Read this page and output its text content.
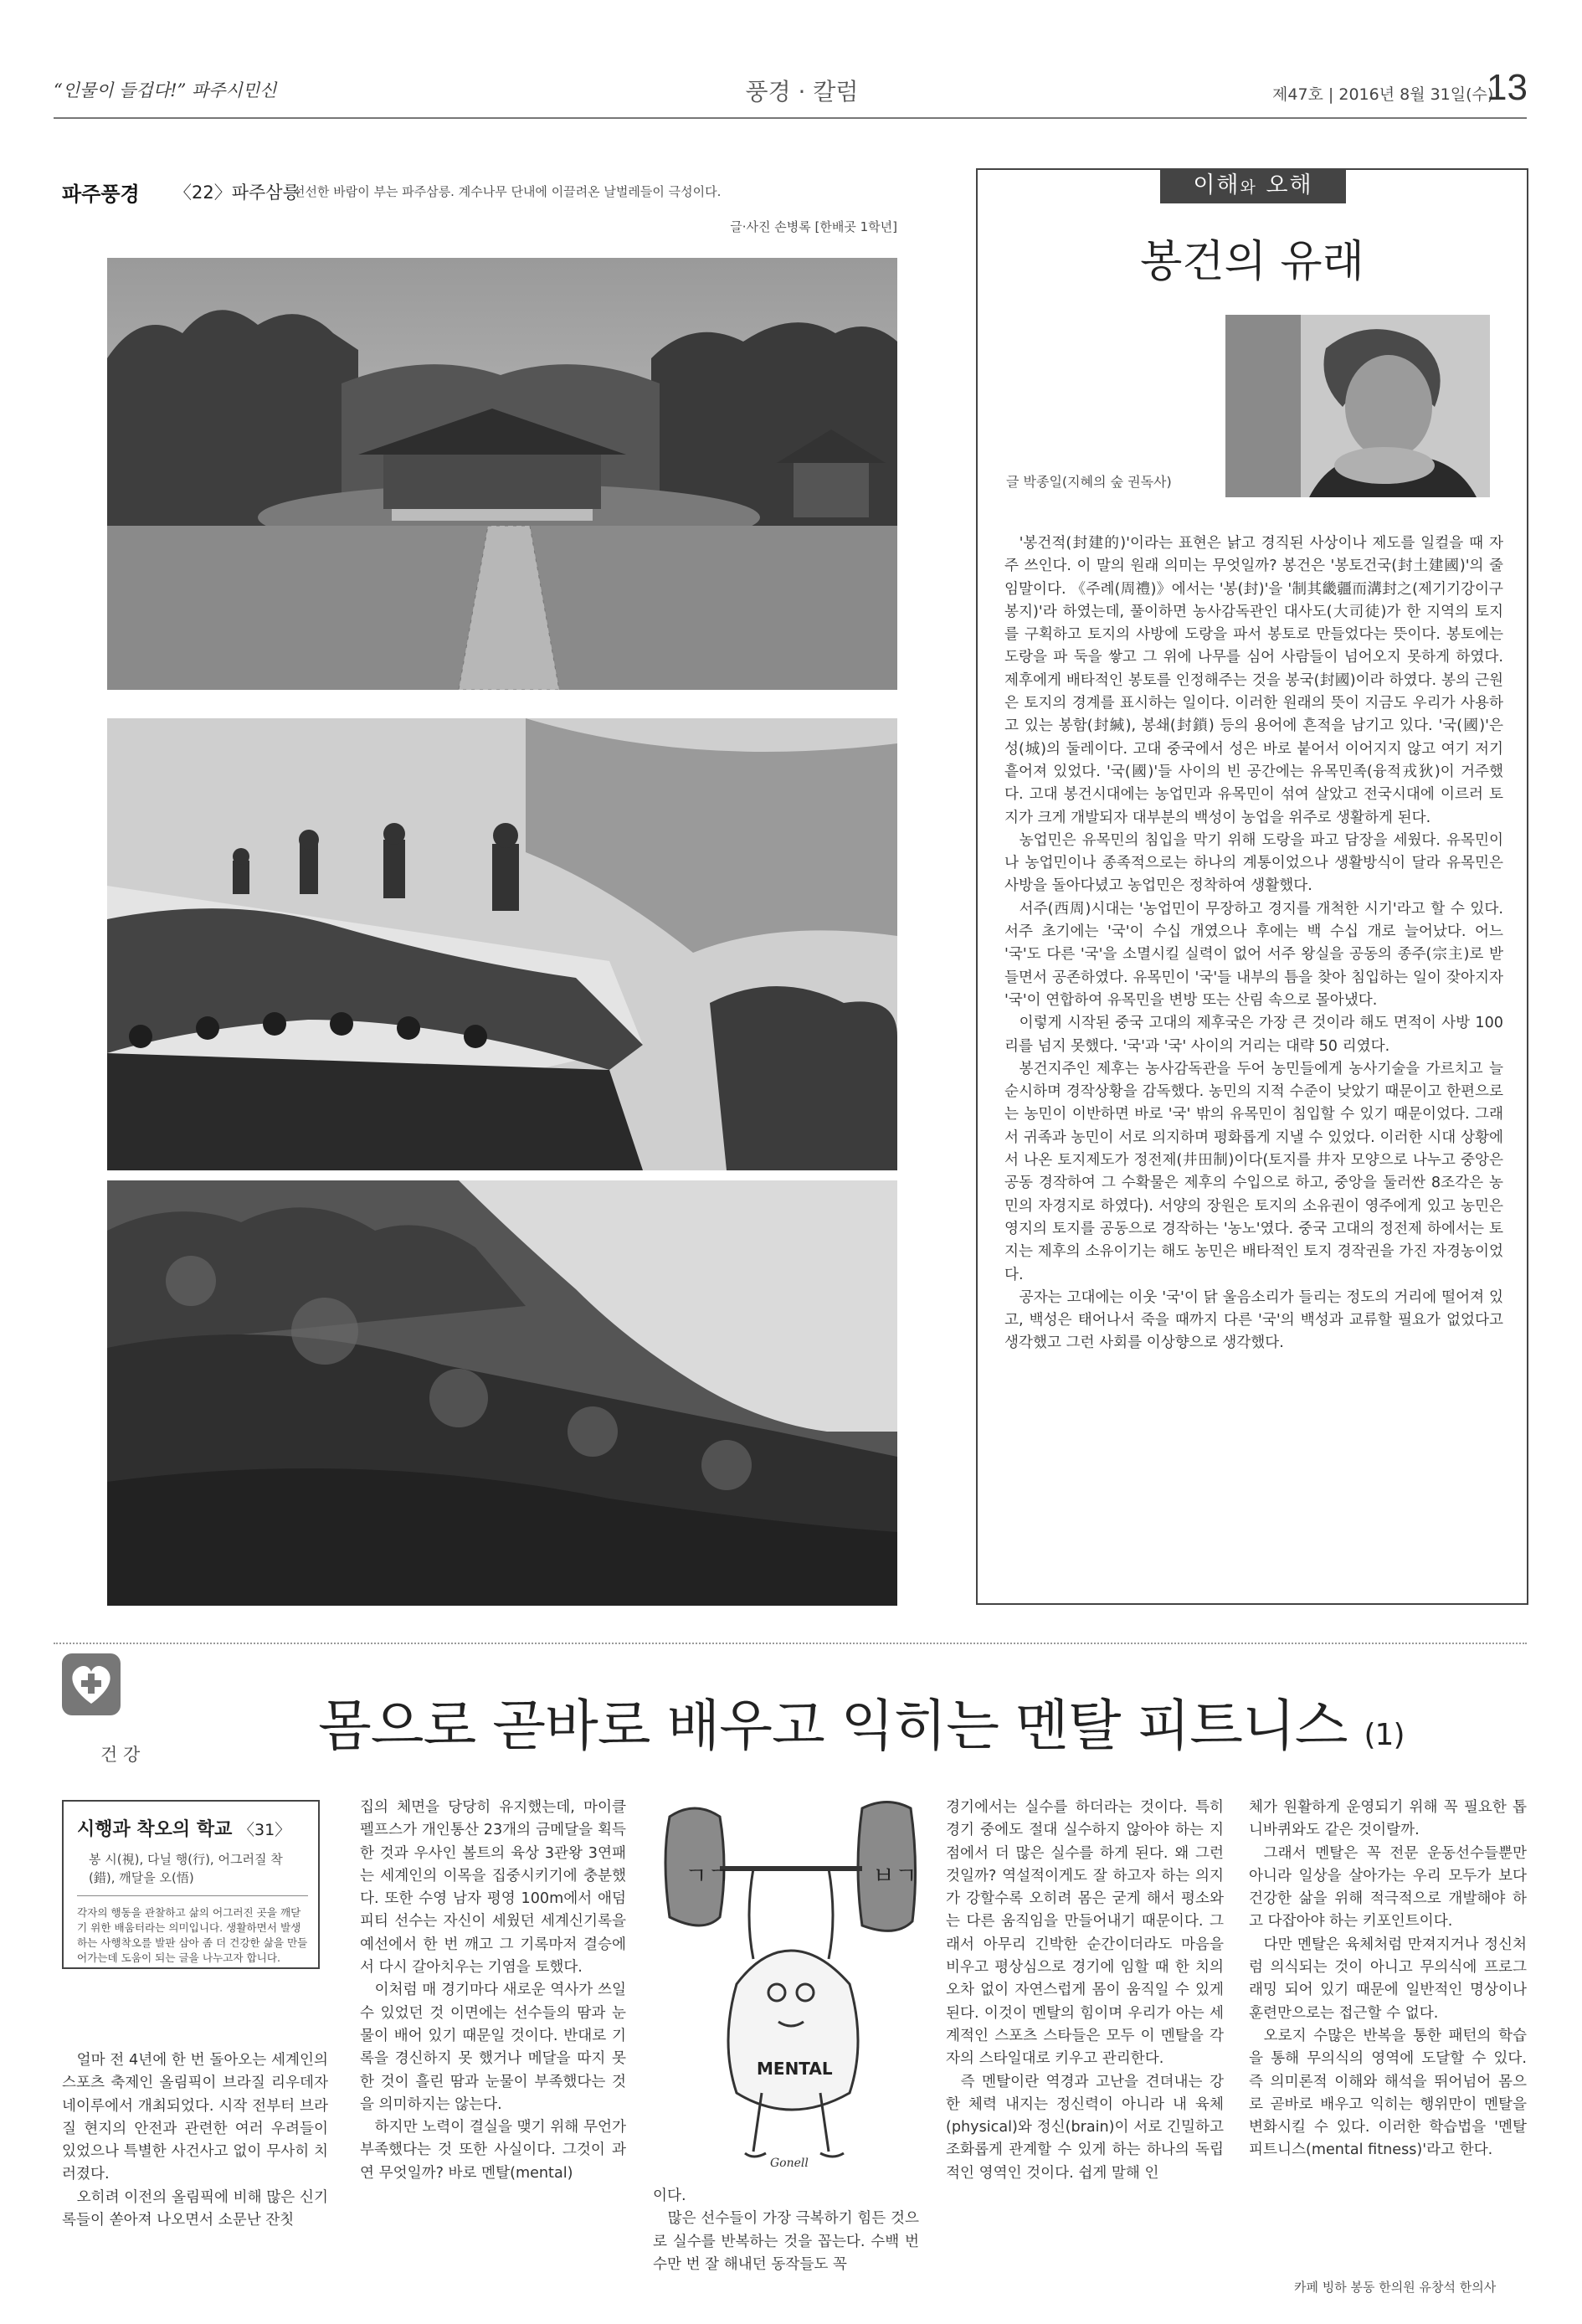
“인물이 들겁다!” 파주시민신	풍경 · 칼럼	제47호 | 2016년 8월 31일(수)
13
파주풍경 〈22〉파주삼릉
선선한 바람이 부는 파주삼릉. 계수나무 단내에 이끌려온 날벌레들이 극성이다.
글·사진 손병록 [한배곳 1학년]
이해와 오해
봉건의 유래
글 박종일(지혜의 숲 권독사)

'봉건적(封建的)'이라는 표현은 낡고 경직된 사상이나 제도를 일컬을 때 자주 쓰인다. 이 말의 원래 의미는 무엇일까? 봉건은 '봉토건국(封土建國)'의 줄임말이다. 《주례(周禮)》에서는 '봉(封)'을 '制其畿疆而溝封之(제기기강이구봉지)'라 하였는데, 풀이하면 농사감독관인 대사도(大司徒)가 한 지역의 토지를 구획하고 토지의 사방에 도랑을 파서 봉토로 만들었다는 뜻이다. 봉토에는 도랑을 파 둑을 쌓고 그 위에 나무를 심어 사람들이 넘어오지 못하게 하였다. 제후에게 배타적인 봉토를 인정해주는 것을 봉국(封國)이라 하였다. 봉의 근원은 토지의 경계를 표시하는 일이다. 이러한 원래의 뜻이 지금도 우리가 사용하고 있는 봉함(封緘), 봉쇄(封鎖) 등의 용어에 흔적을 남기고 있다. '국(國)'은 성(城)의 둘레이다. 고대 중국에서 성은 바로 붙어서 이어지지 않고 여기 저기 흩어져 있었다. '국(國)'들 사이의 빈 공간에는 유목민족(융적戎狄)이 거주했다. 고대 봉건시대에는 농업민과 유목민이 섞여 살았고 전국시대에 이르러 토지가 크게 개발되자 대부분의 백성이 농업을 위주로 생활하게 된다.

농업민은 유목민의 침입을 막기 위해 도랑을 파고 담장을 세웠다. 유목민이나 농업민이나 종족적으로는 하나의 계통이었으나 생활방식이 달라 유목민은 사방을 돌아다녔고 농업민은 정착하여 생활했다.

서주(西周)시대는 '농업민이 무장하고 경지를 개척한 시기'라고 할 수 있다. 서주 초기에는 '국'이 수십 개였으나 후에는 백 수십 개로 늘어났다. 어느 '국'도 다른 '국'을 소멸시킬 실력이 없어 서주 왕실을 공동의 종주(宗主)로 받들면서 공존하였다. 유목민이 '국'들 내부의 틈을 찾아 침입하는 일이 잦아지자 '국'이 연합하여 유목민을 변방 또는 산림 속으로 몰아냈다.

이렇게 시작된 중국 고대의 제후국은 가장 큰 것이라 해도 면적이 사방 100 리를 넘지 못했다. '국'과 '국' 사이의 거리는 대략 50 리였다.

봉건지주인 제후는 농사감독관을 두어 농민들에게 농사기술을 가르치고 늘 순시하며 경작상황을 감독했다. 농민의 지적 수준이 낮았기 때문이고 한편으로는 농민이 이반하면 바로 '국' 밖의 유목민이 침입할 수 있기 때문이었다. 그래서 귀족과 농민이 서로 의지하며 평화롭게 지낼 수 있었다. 이러한 시대 상황에서 나온 토지제도가 정전제(井田制)이다(토지를 井자 모양으로 나누고 중앙은 공동 경작하여 그 수확물은 제후의 수입으로 하고, 중앙을 둘러싼 8조각은 농민의 자경지로 하였다). 서양의 장원은 토지의 소유권이 영주에게 있고 농민은 영지의 토지를 공동으로 경작하는 '농노'였다. 중국 고대의 정전제 하에서는 토지는 제후의 소유이기는 해도 농민은 배타적인 토지 경작권을 가진 자경농이었다.

공자는 고대에는 이웃 '국'이 닭 울음소리가 들리는 정도의 거리에 떨어져 있고, 백성은 태어나서 죽을 때까지 다른 '국'의 백성과 교류할 필요가 없었다고 생각했고 그런 사회를 이상향으로 생각했다.

건 강	몸으로 곧바로 배우고 익히는 멘탈 피트니스 (1)
시행과 착오의 학교 〈31〉
봉 시(視), 다닐 행(行), 어그러질 착(錯), 깨달을 오(悟)
각자의 행동을 관찰하고 삶의 어그러진 곳을 깨닫기 위한 배움터라는 의미입니다. 생활하면서 발생하는 사행착오를 발판 삼아 좀 더 건강한 삶을 만들어가는데 도움이 되는 글을 나누고자 합니다.

얼마 전 4년에 한 번 돌아오는 세계인의 스포츠 축제인 올림픽이 브라질 리우데자네이루에서 개최되었다. 시작 전부터 브라질 현지의 안전과 관련한 여러 우려들이 있었으나 특별한 사건사고 없이 무사히 치러졌다.

오히려 이전의 올림픽에 비해 많은 신기록들이 쏟아져 나오면서 소문난 잔칫

집의 체면을 당당히 유지했는데, 마이클 펠프스가 개인통산 23개의 금메달을 획득한 것과 우사인 볼트의 육상 3관왕 3연패는 세계인의 이목을 집중시키기에 충분했다. 또한 수영 남자 평영 100m에서 애덤 피티 선수는 자신이 세웠던 세계신기록을 예선에서 한 번 깨고 그 기록마저 결승에서 다시 갈아치우는 기염을 토했다.

이처럼 매 경기마다 새로운 역사가 쓰일 수 있었던 것 이면에는 선수들의 땀과 눈물이 배어 있기 때문일 것이다. 반대로 기록을 경신하지 못 했거나 메달을 따지 못 한 것이 흘린 땀과 눈물이 부족했다는 것을 의미하지는 않는다.

하지만 노력이 결실을 맺기 위해 무언가 부족했다는 것 또한 사실이다. 그것이 과연 무엇일까? 바로 멘탈(mental)

ㄱㄱ	ㅂㄱ
MENTAL
Gonell

이다.

많은 선수들이 가장 극복하기 힘든 것으로 실수를 반복하는 것을 꼽는다. 수백 번 수만 번 잘 해내던 동작들도 꼭

경기에서는 실수를 하더라는 것이다. 특히 경기 중에도 절대 실수하지 않아야 하는 지점에서 더 많은 실수를 하게 된다. 왜 그런 것일까? 역설적이게도 잘 하고자 하는 의지가 강할수록 오히려 몸은 굳게 해서 평소와는 다른 움직임을 만들어내기 때문이다. 그래서 아무리 긴박한 순간이더라도 마음을 비우고 평상심으로 경기에 임할 때 한 치의 오차 없이 자연스럽게 몸이 움직일 수 있게 된다. 이것이 멘탈의 힘이며 우리가 아는 세계적인 스포츠 스타들은 모두 이 멘탈을 각자의 스타일대로 키우고 관리한다.

즉 멘탈이란 역경과 고난을 견뎌내는 강한 체력 내지는 정신력이 아니라 내 육체(physical)와 정신(brain)이 서로 긴밀하고 조화롭게 관계할 수 있게 하는 하나의 독립적인 영역인 것이다. 쉽게 말해 인

체가 원활하게 운영되기 위해 꼭 필요한 톱니바퀴와도 같은 것이랄까.

그래서 멘탈은 꼭 전문 운동선수들뿐만 아니라 일상을 살아가는 우리 모두가 보다 건강한 삶을 위해 적극적으로 개발해야 하고 다잡아야 하는 키포인트이다.

다만 멘탈은 육체처럼 만져지거나 정신처럼 의식되는 것이 아니고 무의식에 프로그래밍 되어 있기 때문에 일반적인 명상이나 훈련만으로는 접근할 수 없다.

오로지 수많은 반복을 통한 패턴의 학습을 통해 무의식의 영역에 도달할 수 있다. 즉 의미론적 이해와 해석을 뛰어넘어 몸으로 곧바로 배우고 익히는 행위만이 멘탈을 변화시킬 수 있다. 이러한 학습법을 '멘탈 피트니스(mental fitness)'라고 한다.

카페 빙하 봉동 한의원 유창석 한의사
